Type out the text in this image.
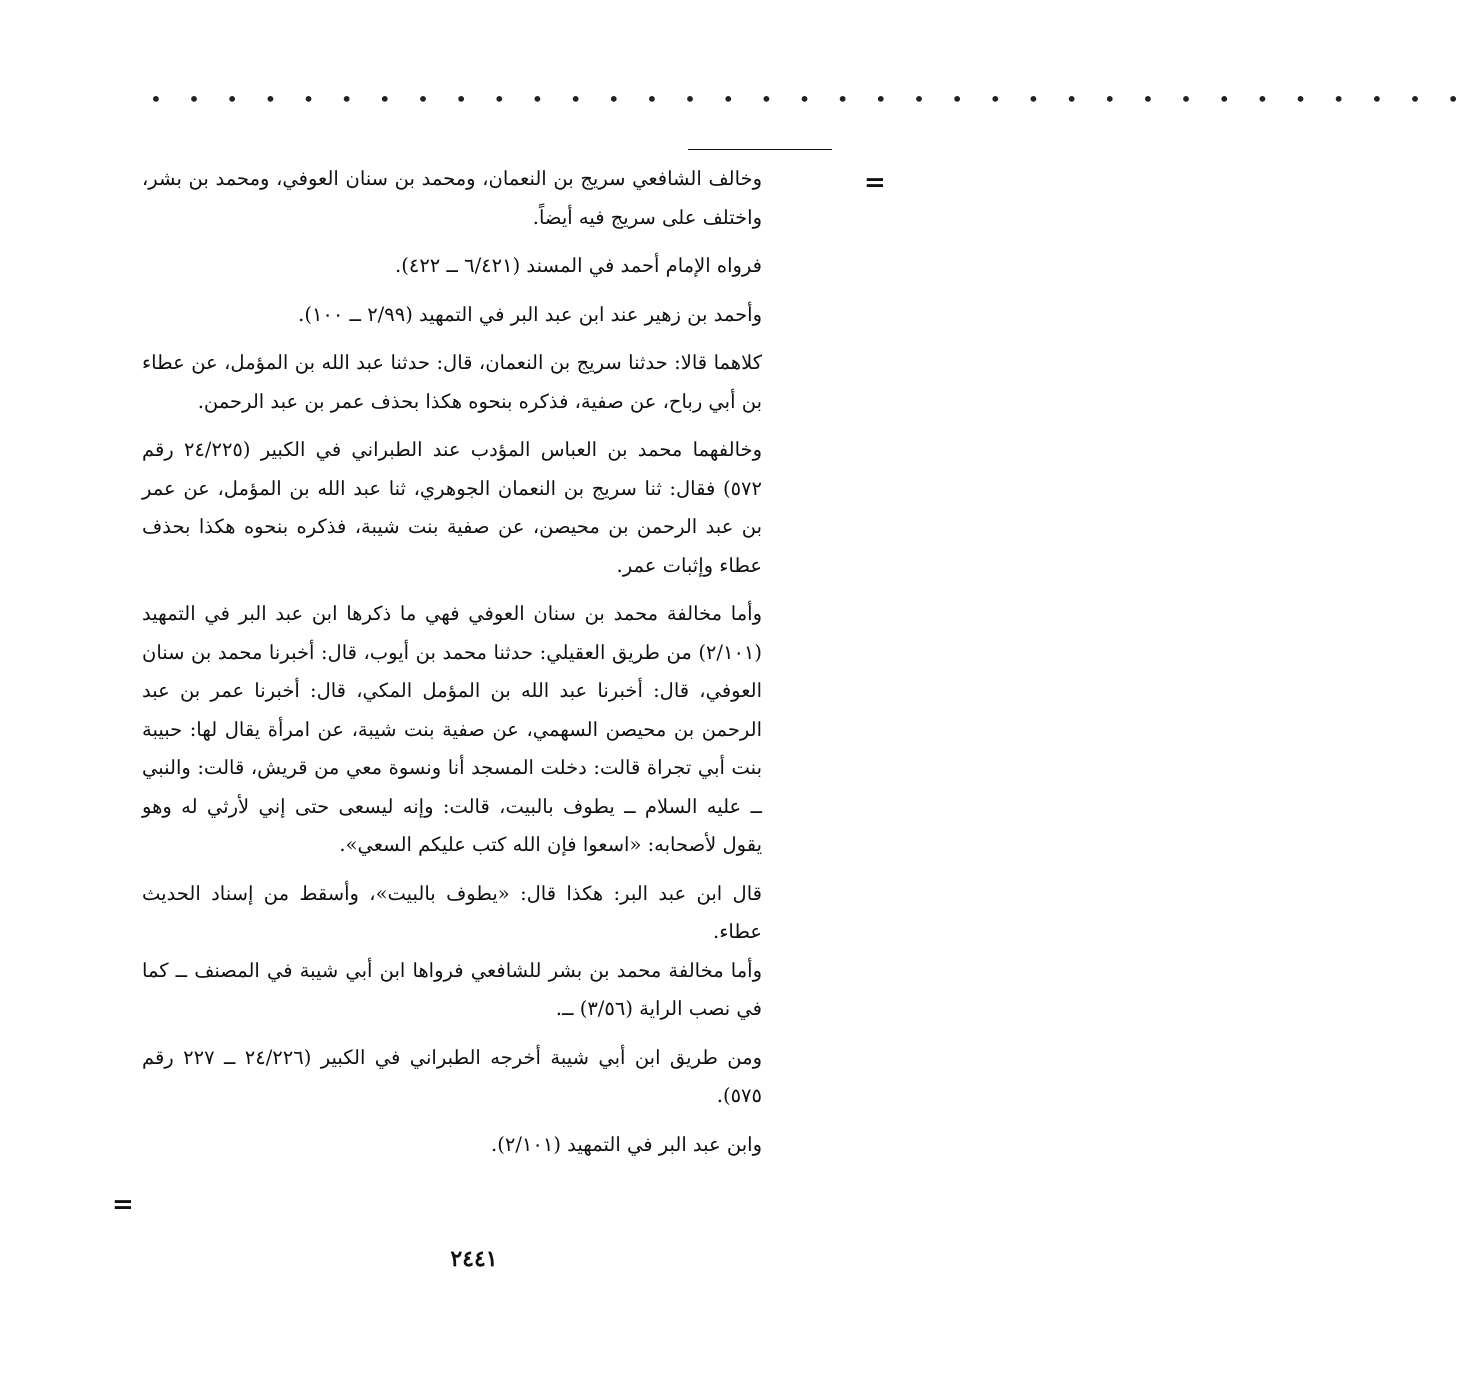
• • • • • • • • • • • • • • • • • • • • • • • • • • • • • • • • • • •
=

وخالف الشافعي سريج بن النعمان، ومحمد بن سنان العوفي، ومحمد بن بشر، واختلف على سريج فيه أيضاً.

فرواه الإمام أحمد في المسند (٦/٤٢١ ــ ٤٢٢).

وأحمد بن زهير عند ابن عبد البر في التمهيد (٢/٩٩ ــ ١٠٠).

كلاهما قالا: حدثنا سريج بن النعمان، قال: حدثنا عبد الله بن المؤمل، عن عطاء بن أبي رباح، عن صفية، فذكره بنحوه هكذا بحذف عمر بن عبد الرحمن.

وخالفهما محمد بن العباس المؤدب عند الطبراني في الكبير (٢٤/٢٢٥ رقم ٥٧٢) فقال: ثنا سريج بن النعمان الجوهري، ثنا عبد الله بن المؤمل، عن عمر بن عبد الرحمن بن محيصن، عن صفية بنت شيبة، فذكره بنحوه هكذا بحذف عطاء وإثبات عمر.

وأما مخالفة محمد بن سنان العوفي فهي ما ذكرها ابن عبد البر في التمهيد (٢/١٠١) من طريق العقيلي: حدثنا محمد بن أيوب، قال: أخبرنا محمد بن سنان العوفي، قال: أخبرنا عبد الله بن المؤمل المكي، قال: أخبرنا عمر بن عبد الرحمن بن محيصن السهمي، عن صفية بنت شيبة، عن امرأة يقال لها: حبيبة بنت أبي تجراة قالت: دخلت المسجد أنا ونسوة معي من قريش، قالت: والنبي ــ عليه السلام ــ يطوف بالبيت، قالت: وإنه ليسعى حتى إني لأرثي له وهو يقول لأصحابه: «اسعوا فإن الله كتب عليكم السعي».

قال ابن عبد البر: هكذا قال: «يطوف بالبيت»، وأسقط من إسناد الحديث عطاء.

وأما مخالفة محمد بن بشر للشافعي فرواها ابن أبي شيبة في المصنف ــ كما في نصب الراية (٣/٥٦) ــ.

ومن طريق ابن أبي شيبة أخرجه الطبراني في الكبير (٢٤/٢٢٦ ــ ٢٢٧ رقم ٥٧٥).

وابن عبد البر في التمهيد (٢/١٠١).

=
٢٤٤١
